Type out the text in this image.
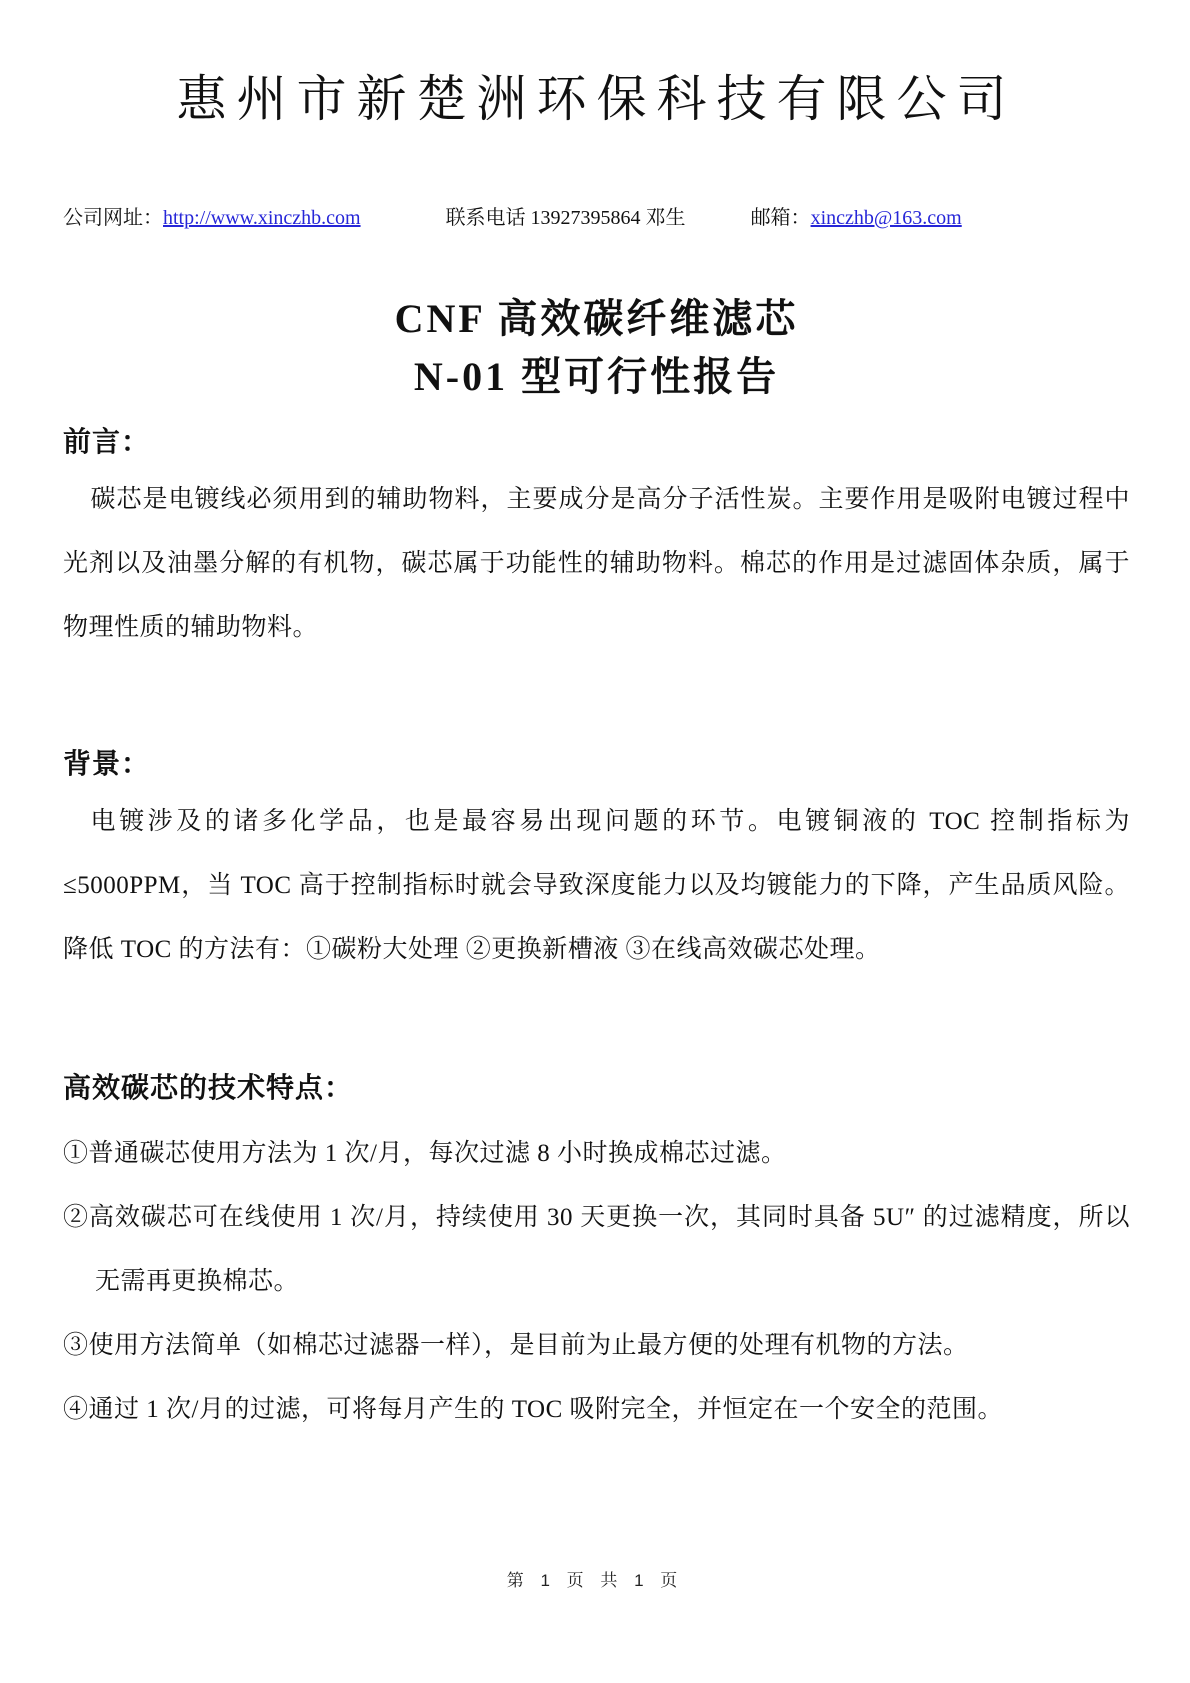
惠州市新楚洲环保科技有限公司
公司网址：http://www.xinczhb.com	联系电话 13927395864 邓生	邮箱：xinczhb@163.com
CNF 高效碳纤维滤芯
N-01 型可行性报告
前言：

碳芯是电镀线必须用到的辅助物料，主要成分是高分子活性炭。主要作用是吸附电镀过程中光剂以及油墨分解的有机物，碳芯属于功能性的辅助物料。棉芯的作用是过滤固体杂质，属于物理性质的辅助物料。

背景：

电镀涉及的诸多化学品，也是最容易出现问题的环节。电镀铜液的 TOC 控制指标为≤5000PPM，当 TOC 高于控制指标时就会导致深度能力以及均镀能力的下降，产生品质风险。降低 TOC 的方法有：①碳粉大处理 ②更换新槽液 ③在线高效碳芯处理。

高效碳芯的技术特点：
①普通碳芯使用方法为 1 次/月，每次过滤 8 小时换成棉芯过滤。
②高效碳芯可在线使用 1 次/月，持续使用 30 天更换一次，其同时具备 5U″ 的过滤精度，所以无需再更换棉芯。
③使用方法简单（如棉芯过滤器一样），是目前为止最方便的处理有机物的方法。
④通过 1 次/月的过滤，可将每月产生的 TOC 吸附完全，并恒定在一个安全的范围。
第 1 页 共 1 页
